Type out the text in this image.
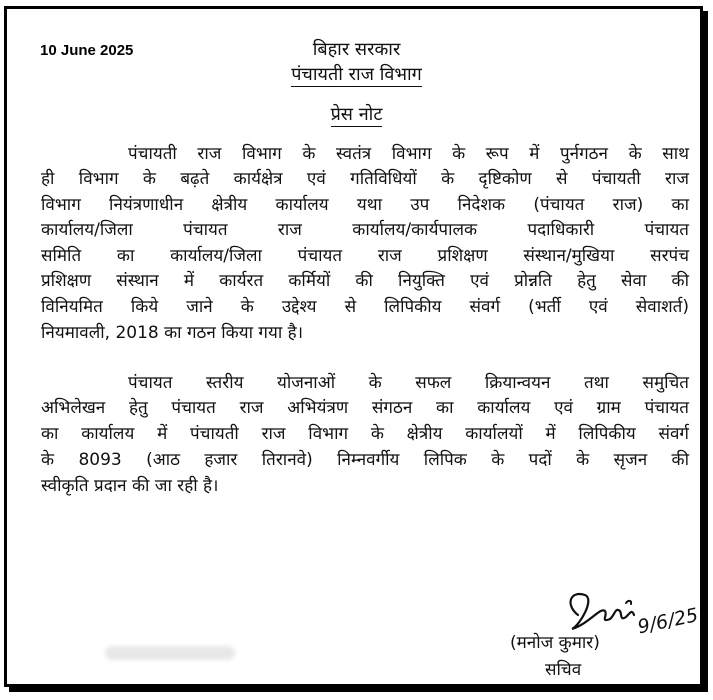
10 June 2025	बिहार सरकार
पंचायती राज विभाग
प्रेस नोट
पंचायती राज विभाग के स्वतंत्र विभाग के रूप में पुर्नगठन के साथ
ही विभाग के बढ़ते कार्यक्षेत्र एवं गतिविधियों के दृष्टिकोण से पंचायती राज
विभाग नियंत्रणाधीन क्षेत्रीय कार्यालय यथा उप निदेशक (पंचायत राज) का
कार्यालय/जिला पंचायत राज कार्यालय/कार्यपालक पदाधिकारी पंचायत
समिति का कार्यालय/जिला पंचायत राज प्रशिक्षण संस्थान/मुखिया सरपंच
प्रशिक्षण संस्थान में कार्यरत कर्मियों की नियुक्ति एवं प्रोन्नति हेतु सेवा की
विनियमित किये जाने के उद्देश्य से लिपिकीय संवर्ग (भर्ती एवं सेवाशर्त)
नियमावली, 2018 का गठन किया गया है।
पंचायत स्तरीय योजनाओं के सफल क्रियान्वयन तथा समुचित
अभिलेखन हेतु पंचायत राज अभियंत्रण संगठन का कार्यालय एवं ग्राम पंचायत
का कार्यालय में पंचायती राज विभाग के क्षेत्रीय कार्यालयों में लिपिकीय संवर्ग
के 8093 (आठ हजार तिरानवे) निम्नवर्गीय लिपिक के पदों के सृजन की
स्वीकृति प्रदान की जा रही है।
9/6/25
(मनोज कुमार)
सचिव
